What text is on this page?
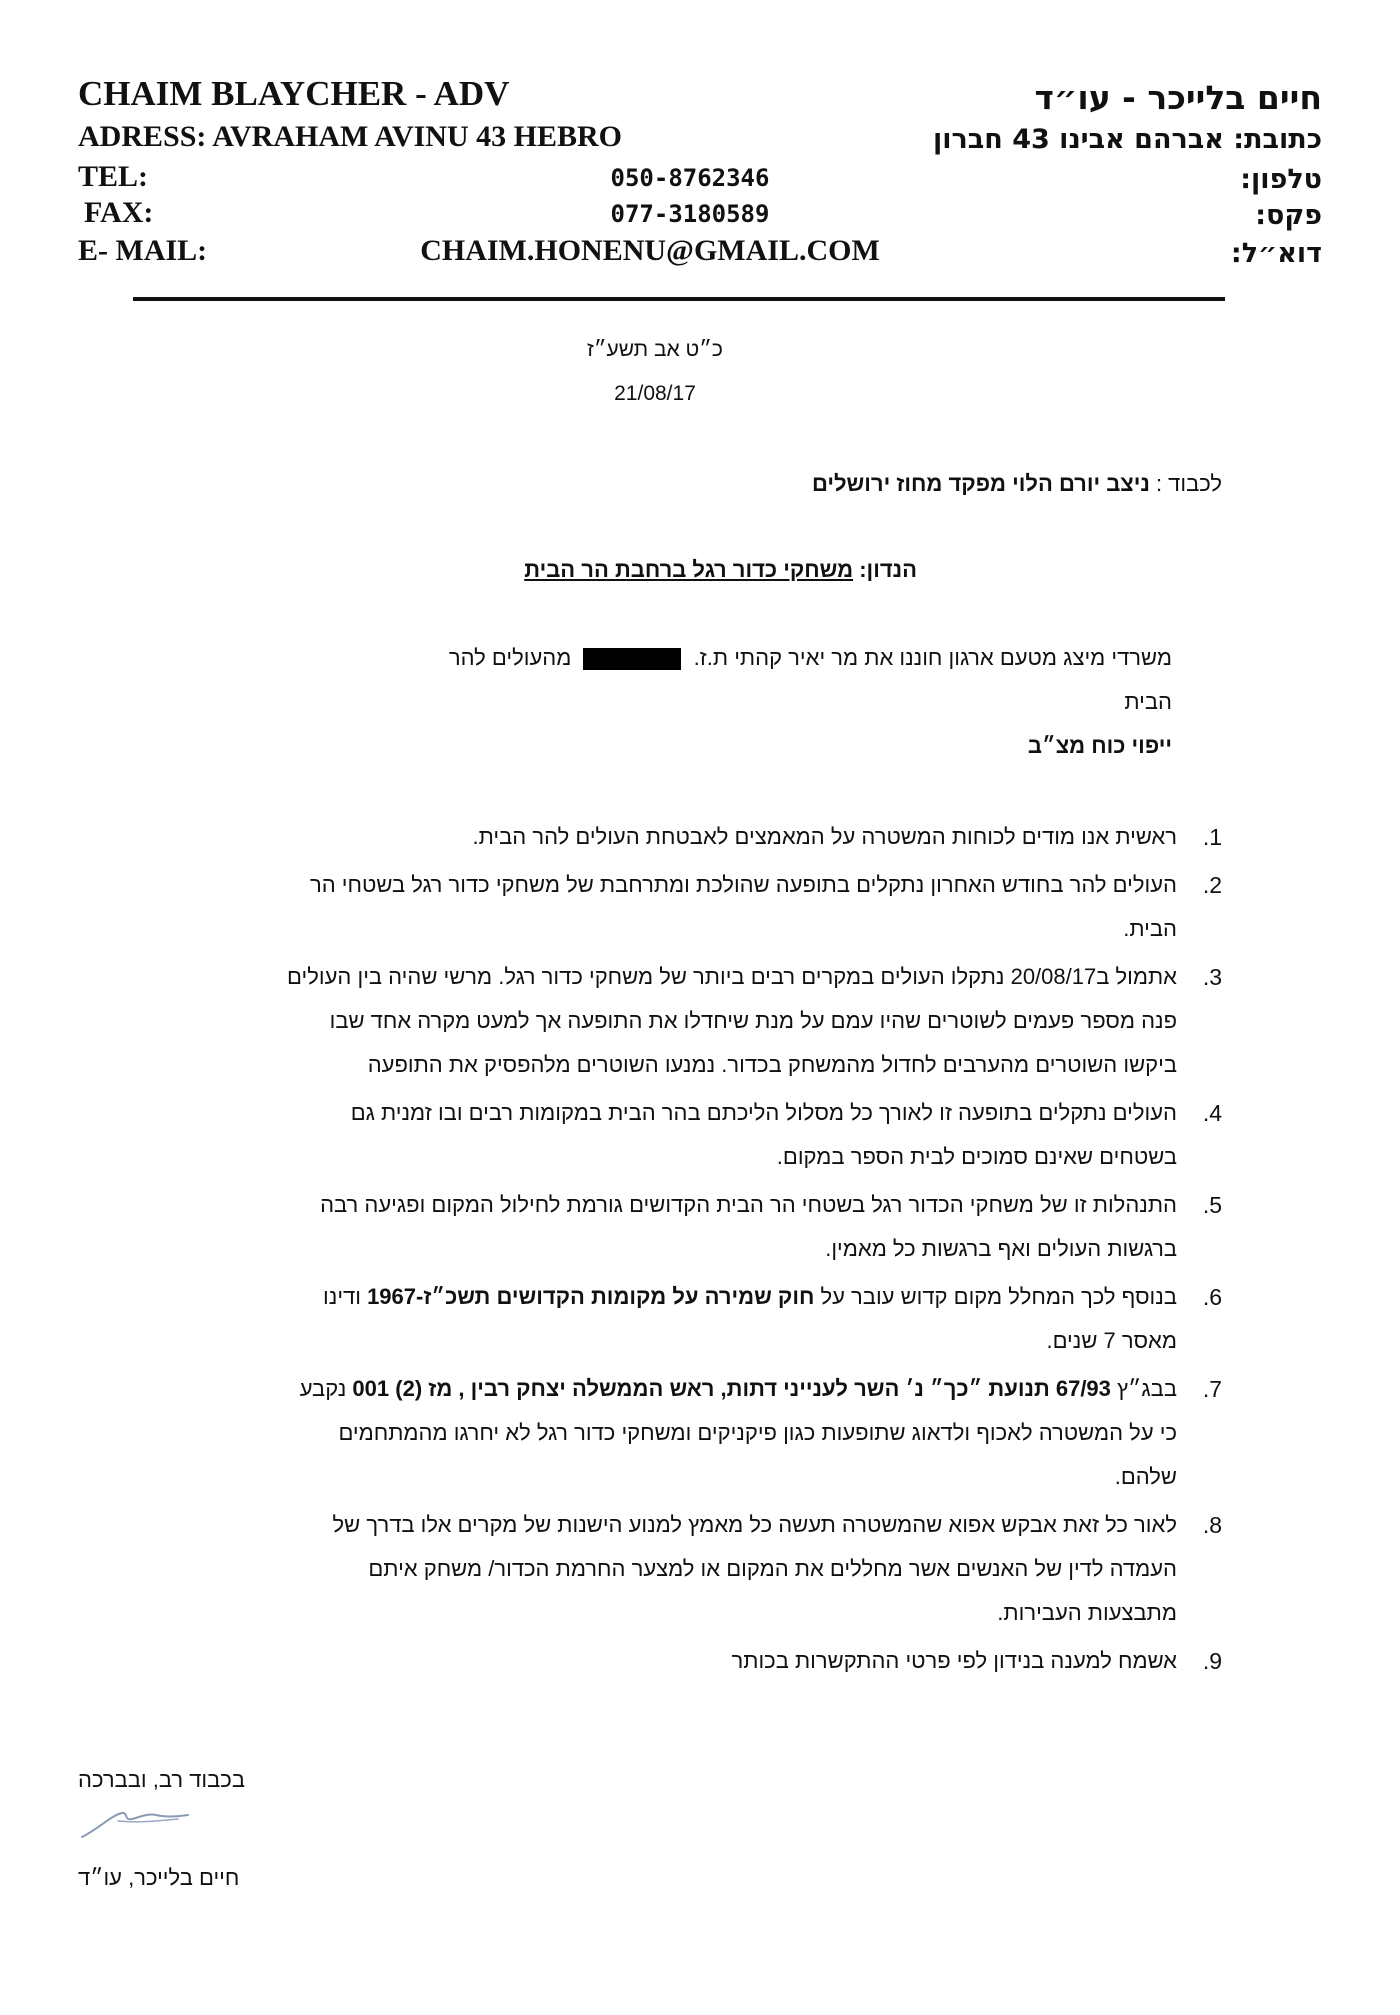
CHAIM BLAYCHER - ADV
ADRESS: AVRAHAM AVINU 43 HEBRO
TEL:
FAX:
E- MAIL:
050-8762346
077-3180589
CHAIM.HONENU@GMAIL.COM
חיים בלייכר - עו״ד
כתובת: אברהם אבינו 43 חברון
טלפון:
פקס:
דוא״ל:
כ״ט אב תשע״ז
21/08/17
לכבוד : ניצב יורם הלוי מפקד מחוז ירושלים
הנדון: משחקי כדור רגל ברחבת הר הבית
משרדי מיצג מטעם ארגון חוננו את מר יאיר קהתי ת.ז.  מהעולים להר
הבית
ייפוי כוח מצ״ב
1.
ראשית אנו מודים לכוחות המשטרה על המאמצים לאבטחת העולים להר הבית.
2.
העולים להר בחודש האחרון נתקלים בתופעה שהולכת ומתרחבת של משחקי כדור רגל בשטחי הר הבית.
3.
אתמול ב20/08/17 נתקלו העולים במקרים רבים ביותר של משחקי כדור רגל. מרשי שהיה בין העולים פנה מספר פעמים לשוטרים שהיו עמם על מנת שיחדלו את התופעה אך למעט מקרה אחד שבו ביקשו השוטרים מהערבים לחדול מהמשחק בכדור. נמנעו השוטרים מלהפסיק את התופעה
4.
העולים נתקלים בתופעה זו לאורך כל מסלול הליכתם בהר הבית במקומות רבים ובו זמנית גם בשטחים שאינם סמוכים לבית הספר במקום.
5.
התנהלות זו של משחקי הכדור רגל בשטחי הר הבית הקדושים גורמת לחילול המקום ופגיעה רבה ברגשות העולים ואף ברגשות כל מאמין.
6.
בנוסף לכך המחלל מקום קדוש עובר על חוק שמירה על מקומות הקדושים תשכ״ז-1967 ודינו מאסר 7 שנים.
7.
בבג״ץ 67/93 תנועת ״כך״ נ׳ השר לענייני דתות, ראש הממשלה יצחק רבין , מז (2) 001 נקבע כי על המשטרה לאכוף ולדאוג שתופעות כגון פיקניקים ומשחקי כדור רגל לא יחרגו מהמתחמים שלהם.
8.
לאור כל זאת אבקש אפוא שהמשטרה תעשה כל מאמץ למנוע הישנות של מקרים אלו בדרך של העמדה לדין של האנשים אשר מחללים את המקום או למצער החרמת הכדור/ משחק איתם מתבצעות העבירות.
9.
אשמח למענה בנידון לפי פרטי ההתקשרות בכותר
בכבוד רב, ובברכה
חיים בלייכר, עו״ד
